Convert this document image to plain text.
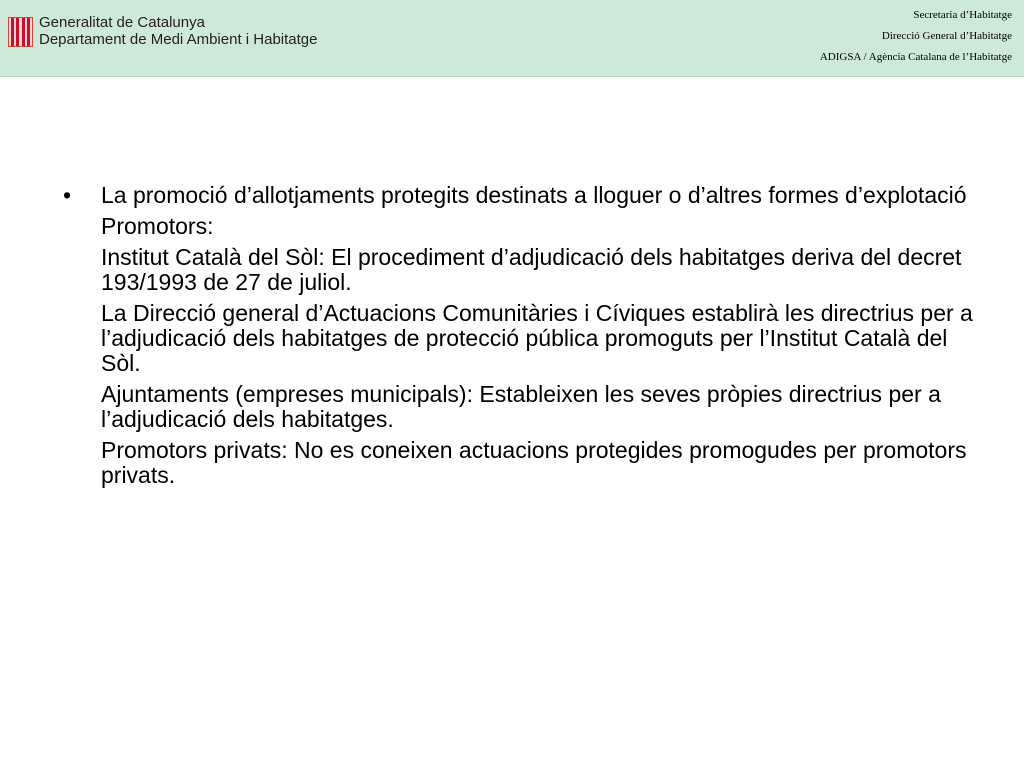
Generalitat de Catalunya
Departament de Medi Ambient i Habitatge
Secretaria d’Habitatge
Direcció General d’Habitatge
ADIGSA / Agència Catalana de l’Habitatge
• La promoció d’allotjaments protegits destinats a lloguer o d’altres formes d’explotació

Promotors:

Institut Català del Sòl: El procediment d’adjudicació dels habitatges deriva del decret 193/1993 de 27 de juliol.

La Direcció general d’Actuacions Comunitàries i Cíviques establirà les directrius per a l’adjudicació dels habitatges de protecció pública promoguts per l’Institut Català del Sòl.

Ajuntaments (empreses municipals): Estableixen les seves pròpies directrius per a l’adjudicació dels habitatges.

Promotors privats: No es coneixen actuacions protegides promogudes per promotors privats.
